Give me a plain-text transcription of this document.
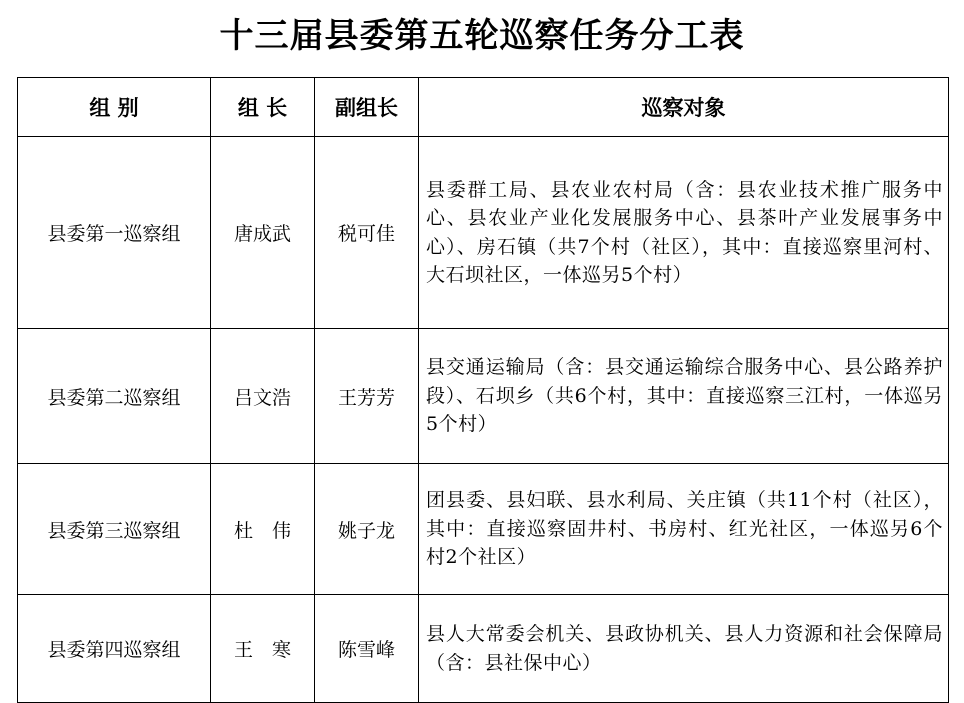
十三届县委第五轮巡察任务分工表
组 别	组 长	副组长	巡察对象
县委第一巡察组	唐成武	税可佳	县委群工局、县农业农村局（含：县农业技术推广服务中心、县农业产业化发展服务中心、县茶叶产业发展事务中心）、房石镇（共7个村（社区），其中：直接巡察里河村、大石坝社区，一体巡另5个村）
县委第二巡察组	吕文浩	王芳芳	县交通运输局（含：县交通运输综合服务中心、县公路养护段）、石坝乡（共6个村，其中：直接巡察三江村，一体巡另5个村）
县委第三巡察组	杜　伟	姚子龙	团县委、县妇联、县水利局、关庄镇（共11个村（社区），其中：直接巡察固井村、书房村、红光社区，一体巡另6个村2个社区）
县委第四巡察组	王　寒	陈雪峰	县人大常委会机关、县政协机关、县人力资源和社会保障局（含：县社保中心）
